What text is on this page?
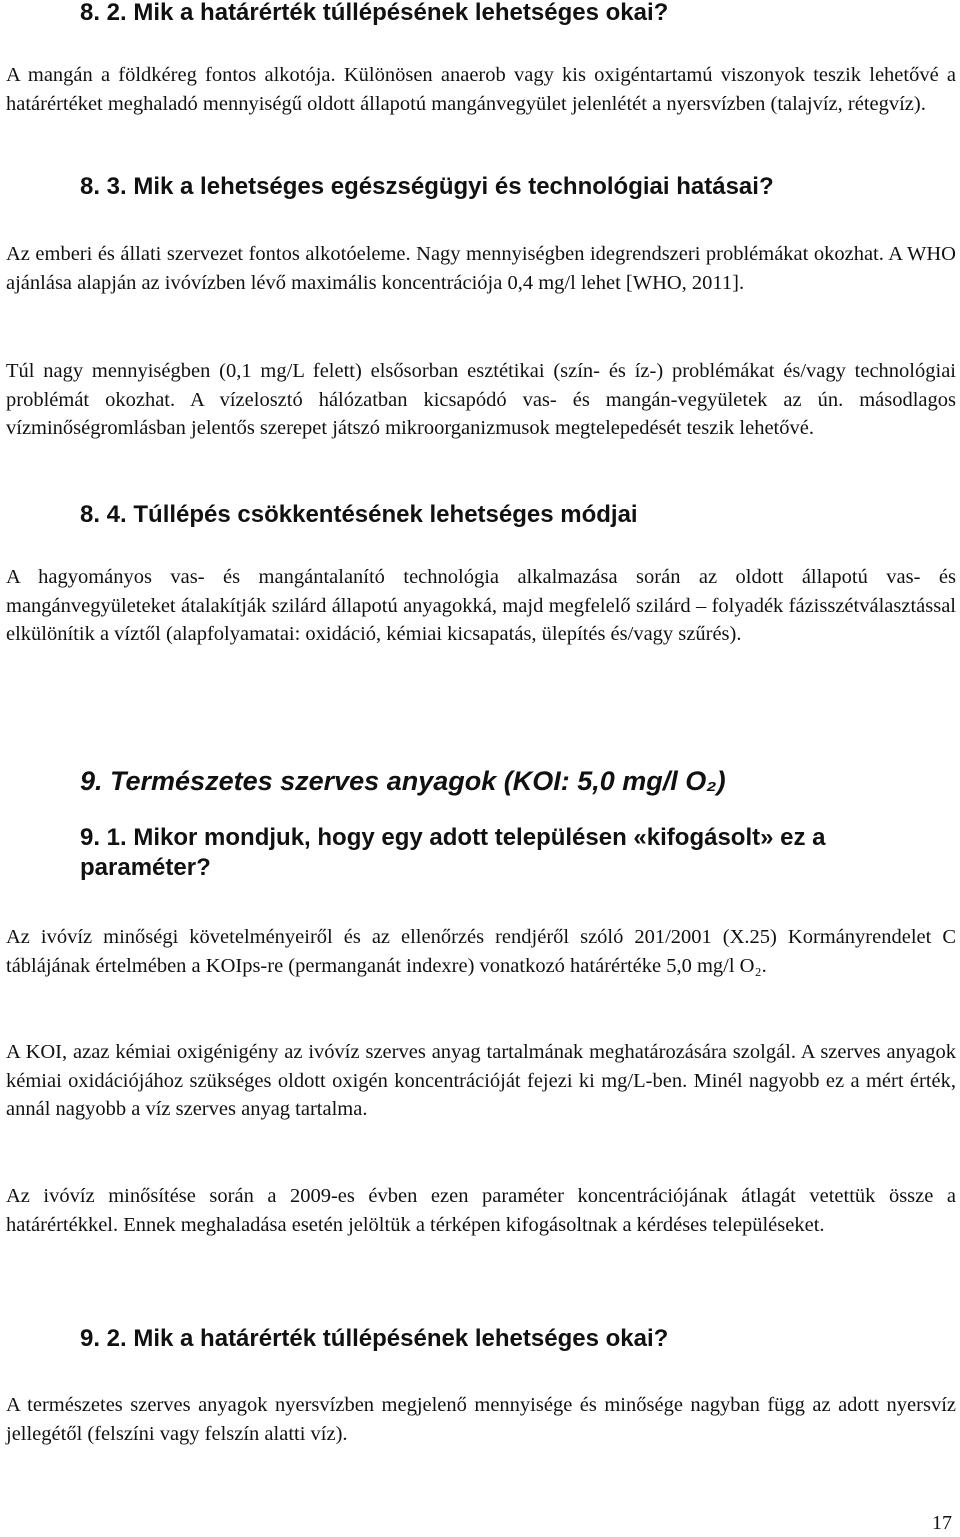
8. 2. Mik a határérték túllépésének lehetséges okai?

A mangán a földkéreg fontos alkotója. Különösen anaerob vagy kis oxigéntartamú viszonyok teszik lehetővé a határértéket meghaladó mennyiségű oldott állapotú mangánvegyület jelenlétét a nyersvízben (talajvíz, rétegvíz).

8. 3. Mik a lehetséges egészségügyi és technológiai hatásai?

Az emberi és állati szervezet fontos alkotóeleme. Nagy mennyiségben idegrendszeri problémákat okozhat. A WHO ajánlása alapján az ivóvízben lévő maximális koncentrációja 0,4 mg/l lehet [WHO, 2011].

Túl nagy mennyiségben (0,1 mg/L felett) elsősorban esztétikai (szín- és íz-) problémákat és/vagy technológiai problémát okozhat. A vízelosztó hálózatban kicsapódó vas- és mangán-vegyületek az ún. másodlagos vízminőségromlásban jelentős szerepet játszó mikroorganizmusok megtelepedését teszik lehetővé.

8. 4. Túllépés csökkentésének lehetséges módjai

A hagyományos vas- és mangántalanító technológia alkalmazása során az oldott állapotú vas- és mangánvegyületeket átalakítják szilárd állapotú anyagokká, majd megfelelő szilárd – folyadék fázisszétválasztással elkülönítik a víztől (alapfolyamatai: oxidáció, kémiai kicsapatás, ülepítés és/vagy szűrés).

9. Természetes szerves anyagok (KOI: 5,0 mg/l O₂)
9. 1. Mikor mondjuk, hogy egy adott településen «kifogásolt» ez a paraméter?

Az ivóvíz minőségi követelményeiről és az ellenőrzés rendjéről szóló 201/2001 (X.25) Kormányrendelet C táblájának értelmében a KOIps-re (permanganát indexre) vonatkozó határértéke 5,0 mg/l O₂.

A KOI, azaz kémiai oxigénigény az ivóvíz szerves anyag tartalmának meghatározására szolgál. A szerves anyagok kémiai oxidációjához szükséges oldott oxigén koncentrációját fejezi ki mg/L-ben. Minél nagyobb ez a mért érték, annál nagyobb a víz szerves anyag tartalma.

Az ivóvíz minősítése során a 2009-es évben ezen paraméter koncentrációjának átlagát vetettük össze a határértékkel. Ennek meghaladása esetén jelöltük a térképen kifogásoltnak a kérdéses településeket.

9. 2. Mik a határérték túllépésének lehetséges okai?

A természetes szerves anyagok nyersvízben megjelenő mennyisége és minősége nagyban függ az adott nyersvíz jellegétől (felszíni vagy felszín alatti víz).

17
